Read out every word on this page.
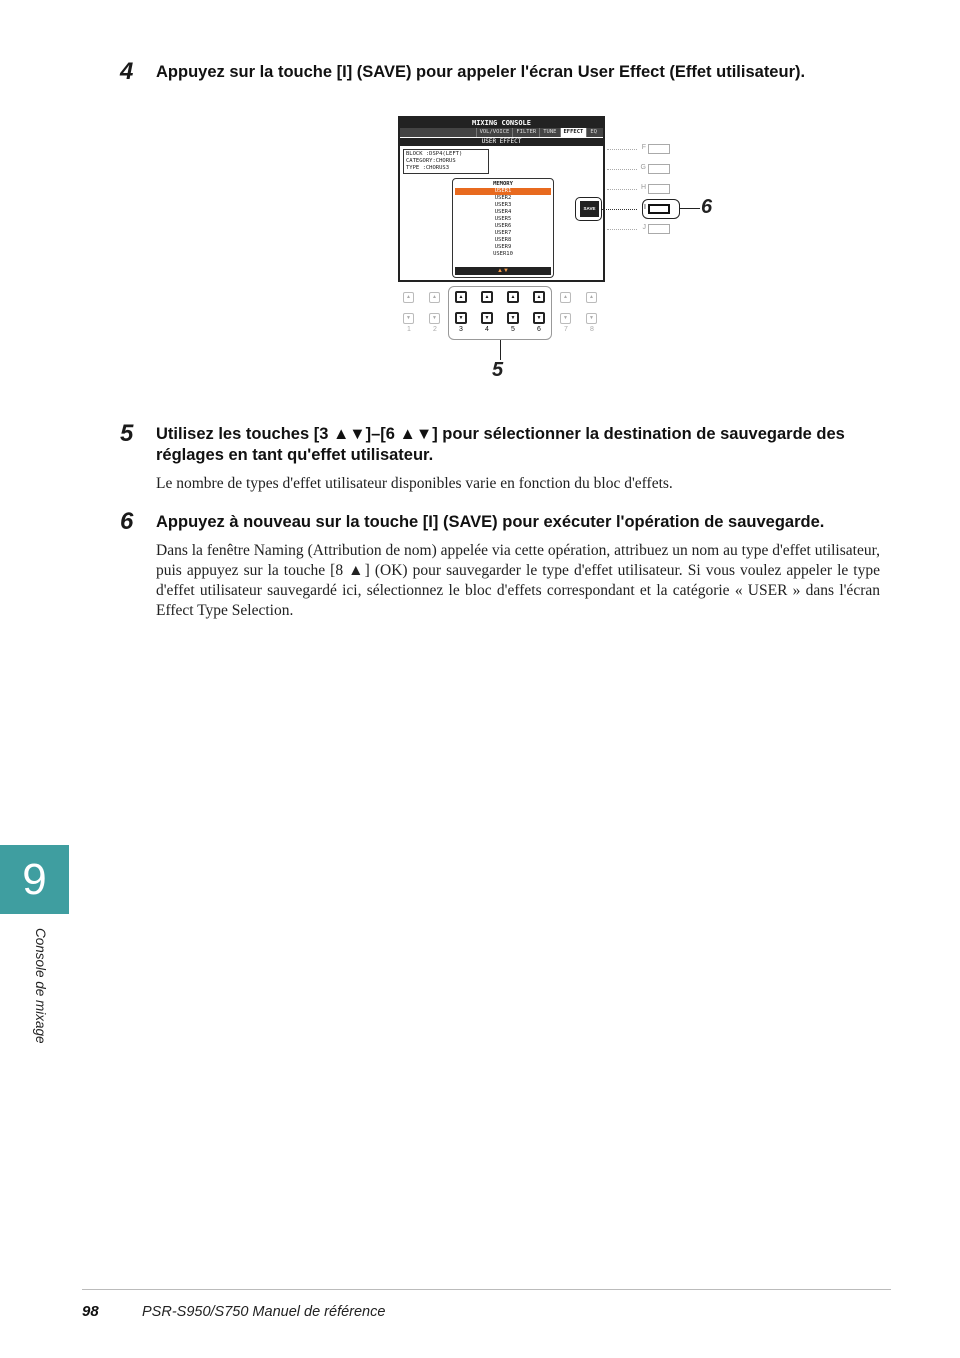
4 Appuyez sur la touche [I] (SAVE) pour appeler l'écran User Effect (Effet utilisateur).
MIXING CONSOLE
VOL/VOICE	FILTER	TUNE	EFFECT	EQ
USER EFFECT
BLOCK :DSP4(LEFT)
CATEGORY:CHORUS
TYPE :CHORUS3
MEMORY
USER1
USER2
USER3
USER4
USER5
USER6
USER7
USER8
USER9
USER10
▲▼
F
G
H
SAVE	I	6
J
▲
▼
1
▲
▼
2
▲
▼
3
▲
▼
4
▲
▼
5
▲
▼
6
▲
▼
7
▲
▼
8
5
5 Utilisez les touches [3 ▲▼]–[6 ▲▼] pour sélectionner la destination de sauvegarde des réglages en tant qu'effet utilisateur.
Le nombre de types d'effet utilisateur disponibles varie en fonction du bloc d'effets.
6 Appuyez à nouveau sur la touche [I] (SAVE) pour exécuter l'opération de sauvegarde.
Dans la fenêtre Naming (Attribution de nom) appelée via cette opération, attribuez un nom au type d'effet utilisateur, puis appuyez sur la touche [8 ▲] (OK) pour sauvegarder le type d'effet utilisateur. Si vous voulez appeler le type d'effet utilisateur sauvegardé ici, sélectionnez le bloc d'effets correspondant et la catégorie « USER » dans l'écran Effect Type Selection.
9
Console de mixage
98	PSR-S950/S750 Manuel de référence
